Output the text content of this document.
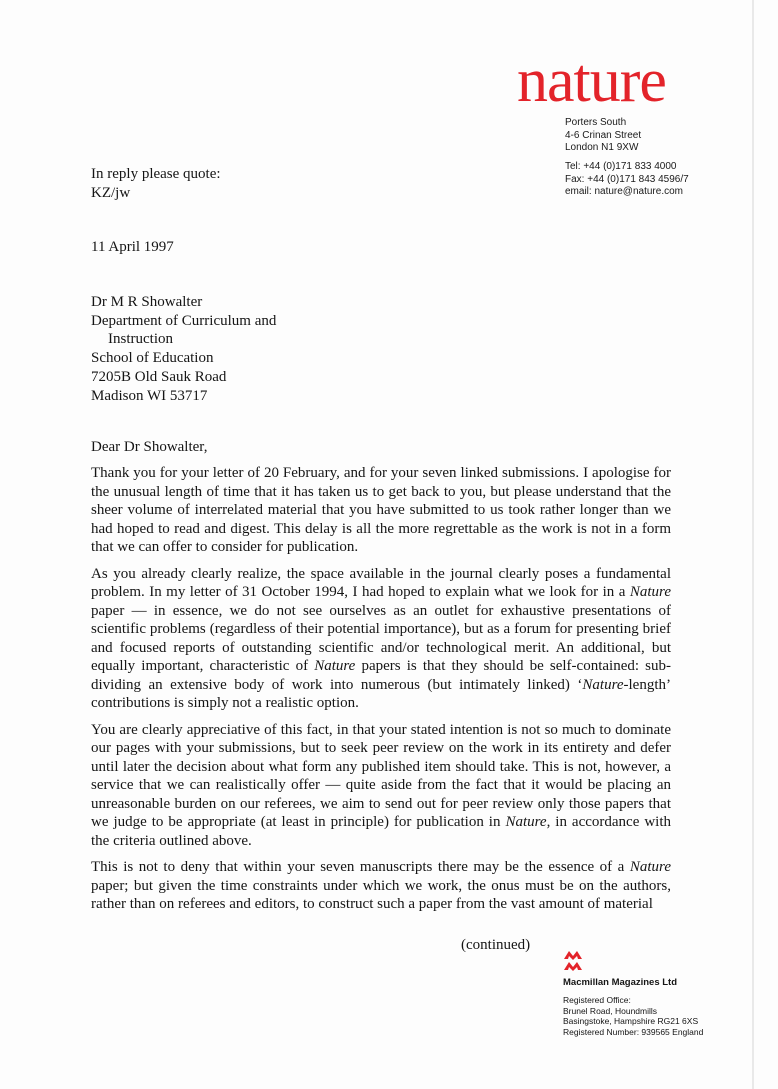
nature
Porters South
4-6 Crinan Street
London N1 9XW
Tel: +44 (0)171 833 4000
Fax: +44 (0)171 843 4596/7
email: nature@nature.com
In reply please quote:
KZ/jw
11 April 1997
Dr M R Showalter
Department of Curriculum and
Instruction
School of Education
7205B Old Sauk Road
Madison WI 53717
Dear Dr Showalter,

Thank you for your letter of 20 February, and for your seven linked submissions. I apologise for the unusual length of time that it has taken us to get back to you, but please understand that the sheer volume of interrelated material that you have submitted to us took rather longer than we had hoped to read and digest. This delay is all the more regrettable as the work is not in a form that we can offer to consider for publication.

As you already clearly realize, the space available in the journal clearly poses a fundamental problem. In my letter of 31 October 1994, I had hoped to explain what we look for in a Nature paper — in essence, we do not see ourselves as an outlet for exhaustive presentations of scientific problems (regardless of their potential importance), but as a forum for presenting brief and focused reports of outstanding scientific and/or technological merit. An additional, but equally important, characteristic of Nature papers is that they should be self-contained: sub-dividing an extensive body of work into numerous (but intimately linked) ‘Nature-length’ contributions is simply not a realistic option.

You are clearly appreciative of this fact, in that your stated intention is not so much to dominate our pages with your submissions, but to seek peer review on the work in its entirety and defer until later the decision about what form any published item should take. This is not, however, a service that we can realistically offer — quite aside from the fact that it would be placing an unreasonable burden on our referees, we aim to send out for peer review only those papers that we judge to be appropriate (at least in principle) for publication in Nature, in accordance with the criteria outlined above.

This is not to deny that within your seven manuscripts there may be the essence of a Nature paper; but given the time constraints under which we work, the onus must be on the authors, rather than on referees and editors, to construct such a paper from the vast amount of material

(continued)
Macmillan Magazines Ltd
Registered Office:
Brunel Road, Houndmills
Basingstoke, Hampshire RG21 6XS
Registered Number: 939565 England
